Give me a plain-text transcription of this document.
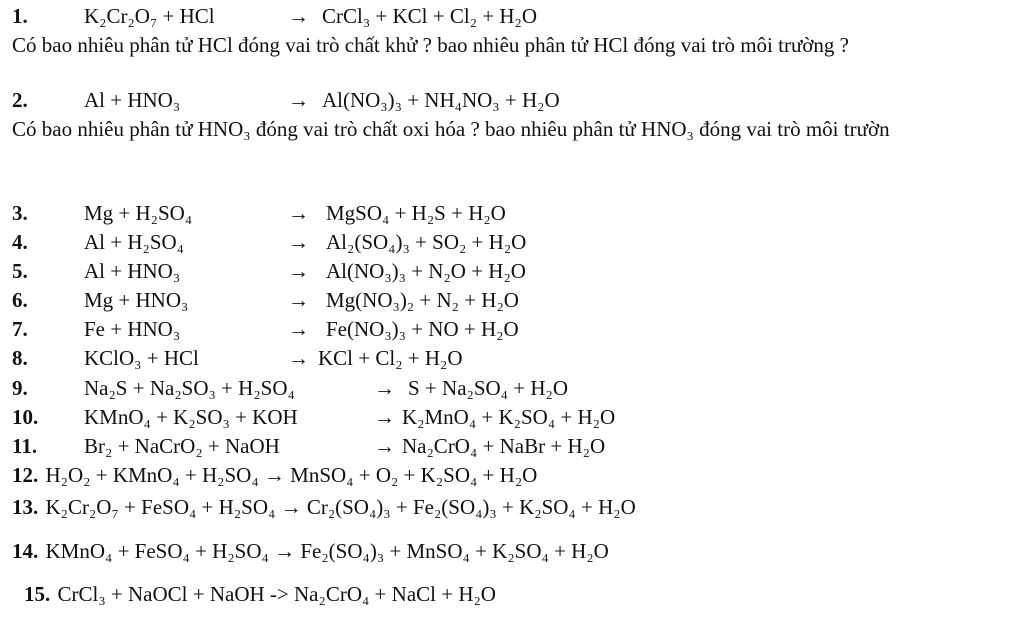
1.	K₂Cr₂O₇ + HCl	→ CrCl₃ + KCl + Cl₂ + H₂O
Có bao nhiêu phân tử HCl đóng vai trò chất khử ? bao nhiêu phân tử HCl đóng vai trò môi trường ?
2.	Al + HNO₃	→ Al(NO₃)₃ + NH₄NO₃ + H₂O
Có bao nhiêu phân tử HNO₃ đóng vai trò chất oxi hóa ? bao nhiêu phân tử HNO₃ đóng vai trò môi trườn
3.	Mg + H₂SO₄	→ MgSO₄ + H₂S + H₂O
4.	Al + H₂SO₄	→ Al₂(SO₄)₃ + SO₂ + H₂O
5.	Al + HNO₃	→ Al(NO₃)₃ + N₂O + H₂O
6.	Mg + HNO₃	→ Mg(NO₃)₂ + N₂ + H₂O
7.	Fe + HNO₃	→ Fe(NO₃)₃ + NO + H₂O
8.	KClO₃ + HCl	→ KCl + Cl₂ + H₂O
9.	Na₂S + Na₂SO₃ + H₂SO₄	→ S + Na₂SO₄ + H₂O
10. KMnO₄ + K₂SO₃ + KOH	→ K₂MnO₄ + K₂SO₄ + H₂O
11. Br₂ + NaCrO₂ + NaOH	→ Na₂CrO₄ + NaBr + H₂O
12. H₂O₂ + KMnO₄ + H₂SO₄ → MnSO₄ + O₂ + K₂SO₄ + H₂O
13. K₂Cr₂O₇ + FeSO₄ + H₂SO₄ → Cr₂(SO₄)₃ + Fe₂(SO₄)₃ + K₂SO₄ + H₂O
14. KMnO₄ + FeSO₄ + H₂SO₄ → Fe₂(SO₄)₃ + MnSO₄ + K₂SO₄ + H₂O
15. CrCl₃ + NaOCl + NaOH -> Na₂CrO₄ + NaCl + H₂O
